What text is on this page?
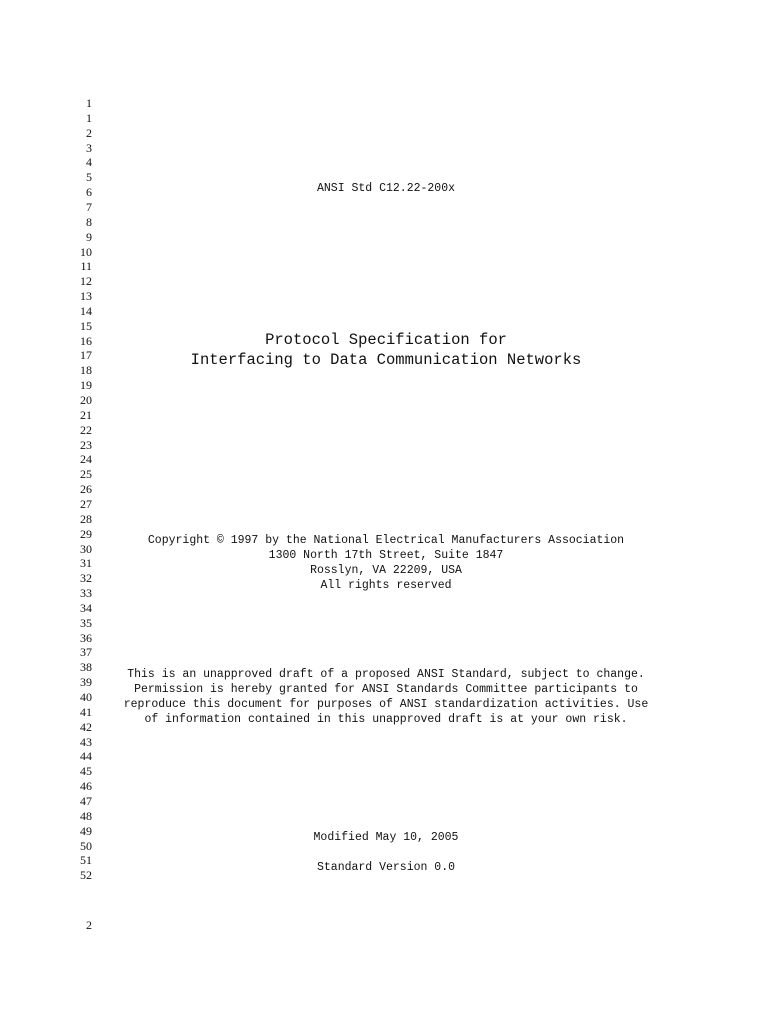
1
1
2
3
4
5
6
7
8
9
10
11
12
13
14
15
16
17
18
19
20
21
22
23
24
25
26
27
28
29
30
31
32
33
34
35
36
37
38
39
40
41
42
43
44
45
46
47
48
49
50
51
52
ANSI Std C12.22-200x
Protocol Specification for
Interfacing to Data Communication Networks
Copyright © 1997 by the National Electrical Manufacturers Association
1300 North 17th Street, Suite 1847
Rosslyn, VA 22209, USA
All rights reserved
This is an unapproved draft of a proposed ANSI Standard, subject to change.
Permission is hereby granted for ANSI Standards Committee participants to
reproduce this document for purposes of ANSI standardization activities. Use
of information contained in this unapproved draft is at your own risk.
Modified May 10, 2005
Standard Version 0.0
2
